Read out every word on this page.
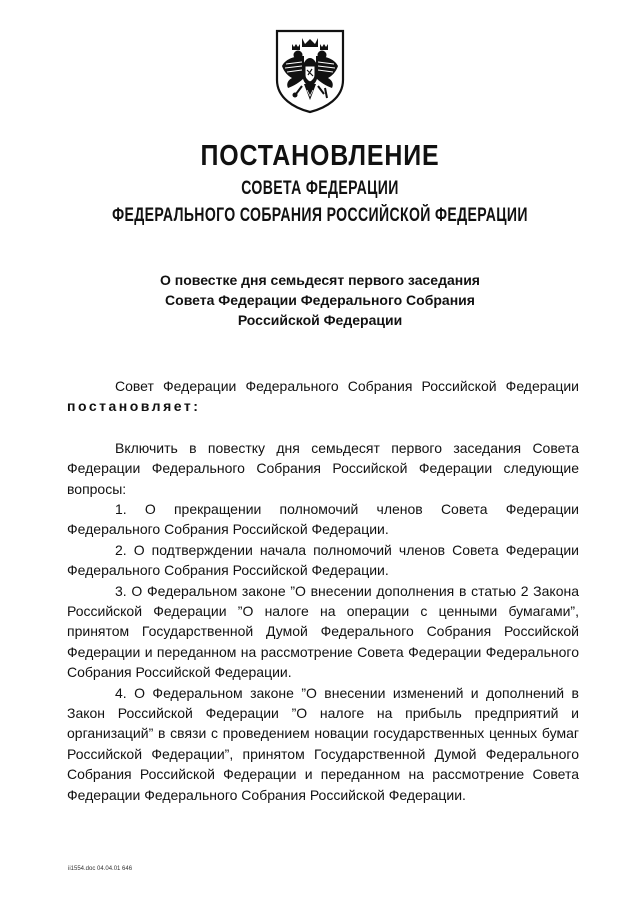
ПОСТАНОВЛЕНИЕ
СОВЕТА ФЕДЕРАЦИИ
ФЕДЕРАЛЬНОГО СОБРАНИЯ РОССИЙСКОЙ ФЕДЕРАЦИИ
О повестке дня семьдесят первого заседания
Совета Федерации Федерального Собрания
Российской Федерации

Совет Федерации Федерального Собрания Российской Федерации постановляет:

Включить в повестку дня семьдесят первого заседания Совета Федерации Федерального Собрания Российской Федерации следующие вопросы:

1. О прекращении полномочий членов Совета Федерации Федерального Собрания Российской Федерации.

2. О подтверждении начала полномочий членов Совета Федерации Федерального Собрания Российской Федерации.

3. О Федеральном законе ”О внесении дополнения в статью 2 Закона Российской Федерации ”О налоге на операции с ценными бумагами”, принятом Государственной Думой Федерального Собрания Российской Федерации и переданном на рассмотрение Совета Федерации Федерального Собрания Российской Федерации.

4. О Федеральном законе ”О внесении изменений и дополнений в Закон Российской Федерации ”О налоге на прибыль предприятий и организаций” в связи с проведением новации государственных ценных бумаг Российской Федерации”, принятом Государственной Думой Федерального Собрания Российской Федерации и переданном на рассмотрение Совета Федерации Федерального Собрания Российской Федерации.

ii1554.doc 04.04.01 646
